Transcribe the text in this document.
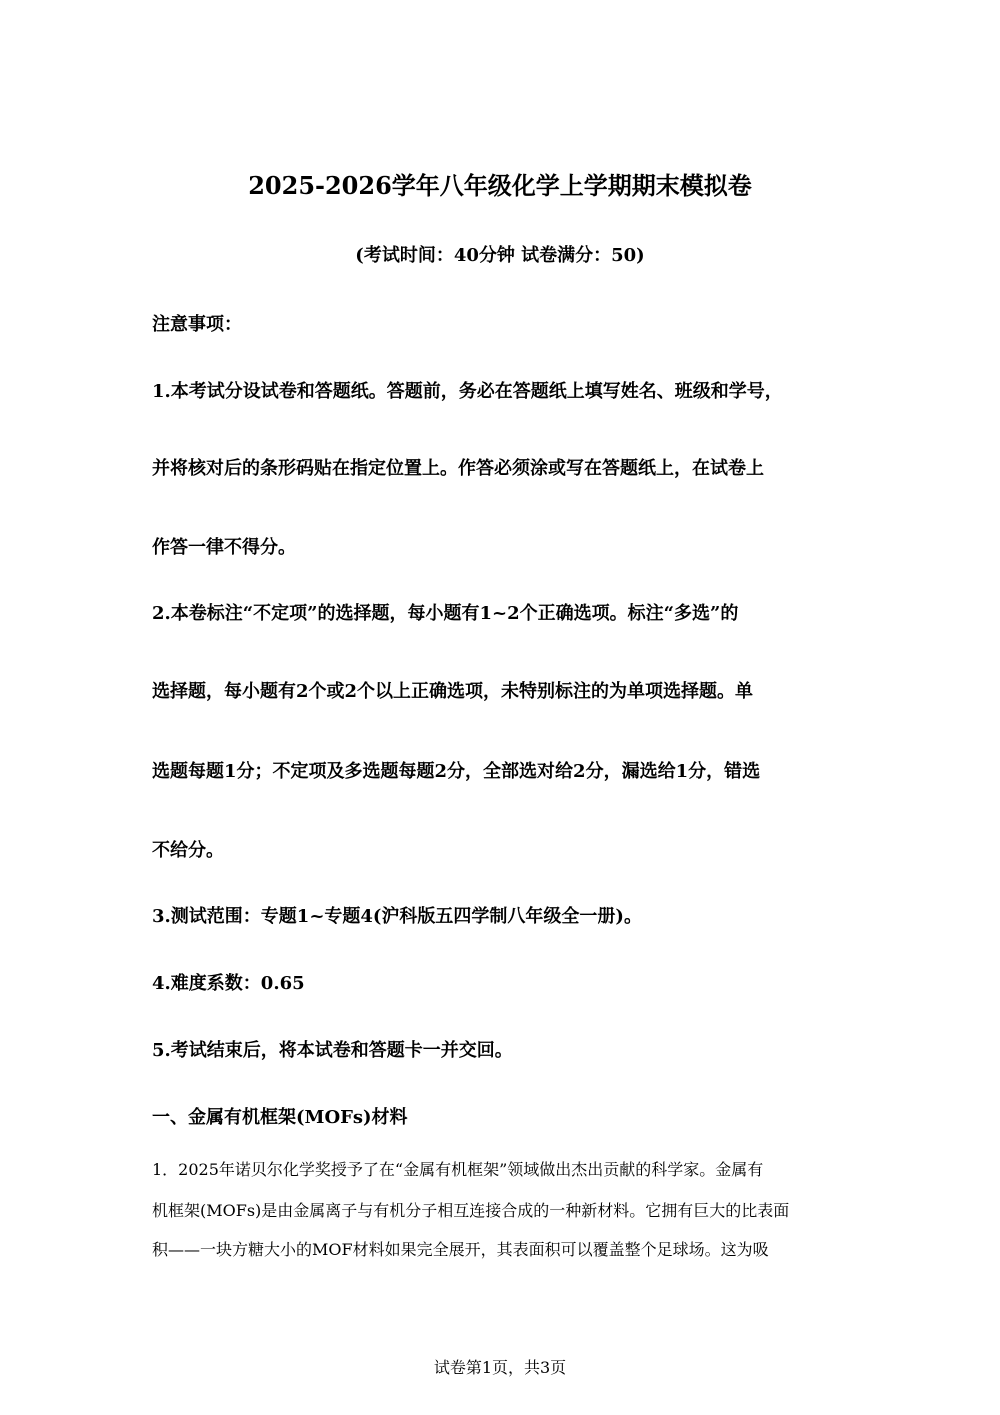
2025-2026学年八年级化学上学期期末模拟卷
(考试时间：40分钟 试卷满分：50)
注意事项：
1.本考试分设试卷和答题纸。答题前，务必在答题纸上填写姓名、班级和学号，
并将核对后的条形码贴在指定位置上。作答必须涂或写在答题纸上，在试卷上
作答一律不得分。
2.本卷标注“不定项”的选择题，每小题有1~2个正确选项。标注“多选”的
选择题，每小题有2个或2个以上正确选项，未特别标注的为单项选择题。单
选题每题1分；不定项及多选题每题2分，全部选对给2分，漏选给1分，错选
不给分。
3.测试范围：专题1~专题4(沪科版五四学制八年级全一册)。
4.难度系数：0.65
5.考试结束后，将本试卷和答题卡一并交回。
一、金属有机框架(MOFs)材料
1．2025年诺贝尔化学奖授予了在“金属有机框架”领域做出杰出贡献的科学家。金属有
机框架(MOFs)是由金属离子与有机分子相互连接合成的一种新材料。它拥有巨大的比表面
积——一块方糖大小的MOF材料如果完全展开，其表面积可以覆盖整个足球场。这为吸
试卷第1页，共3页
